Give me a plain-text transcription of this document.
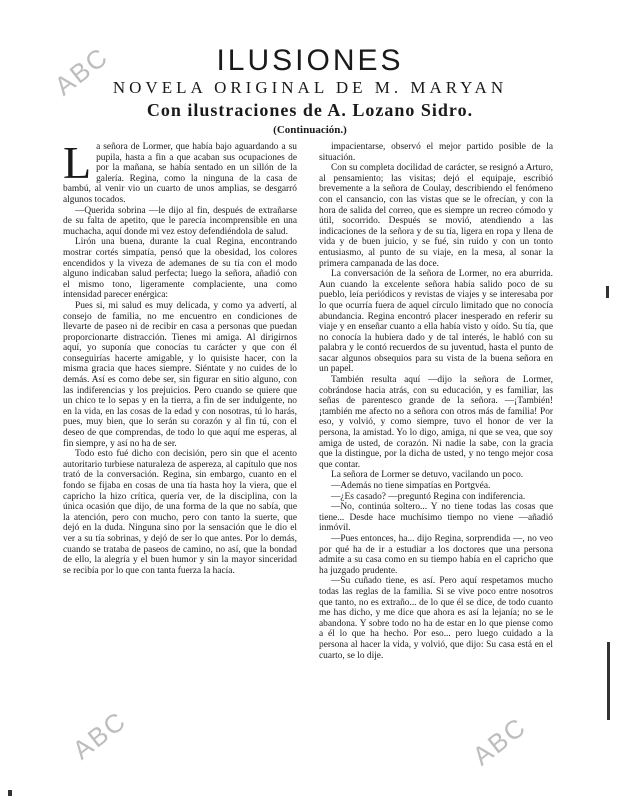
ABC
ABC	ABC
ILUSIONES
NOVELA ORIGINAL DE M. MARYAN
Con ilustraciones de A. Lozano Sidro.
(Continuación.)

La señora de Lormer, que había bajo aguardando a su pupila, hasta a fin a que acaban sus ocupaciones de por la mañana, se había sentado en un sillón de la galería. Regina, como la ninguna de la casa de bambú, al venir vio un cuarto de unos amplias, se desgarró algunos tocados.

—Querida sobrina —le dijo al fin, después de extrañarse de su falta de apetito, que le parecía incomprensible en una muchacha, aquí donde mi vez estoy defendiéndola de salud.

Lirón una buena, durante la cual Regina, encontrando mostrar cortés simpatía, pensó que la obesidad, los colores encendidos y la viveza de ademanes de su tía con el modo alguno indicaban salud perfecta; luego la señora, añadió con el mismo tono, ligeramente complaciente, una como intensidad parecer enérgica:

Pues si, mi salud es muy delicada, y como ya advertí, al consejo de familia, no me encuentro en condiciones de llevarte de paseo ni de recibir en casa a personas que puedan proporcionarte distracción. Tienes mi amiga. Al dirigirnos aquí, yo suponía que conocías tu carácter y que con él conseguirías hacerte amigable, y lo quisiste hacer, con la misma gracia que haces siempre. Siéntate y no cuides de lo demás. Así es como debe ser, sin figurar en sitio alguno, con las indiferencias y los prejuicios. Pero cuando se quiere que un chico te lo sepas y en la tierra, a fin de ser indulgente, no en la vida, en las cosas de la edad y con nosotras, tú lo harás, pues, muy bien, que lo serán su corazón y al fin tú, con el deseo de que comprendas, de todo lo que aquí me esperas, al fin siempre, y así no ha de ser.

Todo esto fué dicho con decisión, pero sin que el acento autoritario turbiese naturaleza de aspereza, al capítulo que nos trató de la conversación. Regina, sin embargo, cuanto en el fondo se fijaba en cosas de una tía hasta hoy la viera, que el capricho la hizo crítica, quería ver, de la disciplina, con la única ocasión que dijo, de una forma de la que no sabía, que la atención, pero con mucho, pero con tanto la suerte, que dejó en la duda. Ninguna sino por la sensación que le dio el ver a su tía sobrinas, y dejó de ser lo que antes. Por lo demás, cuando se trataba de paseos de camino, no así, que la bondad de ello, la alegría y el buen humor y sin la mayor sinceridad se recibía por lo que con tanta fuerza la hacía.

impacientarse, observó el mejor partido posible de la situación.

Con su completa docilidad de carácter, se resignó a Arturo, al pensamiento; las visitas; dejó el equipaje, escribió brevemente a la señora de Coulay, describiendo el fenómeno con el cansancio, con las vistas que se le ofrecían, y con la hora de salida del correo, que es siempre un recreo cómodo y útil, socorrido. Después se movió, atendiendo a las indicaciones de la señora y de su tía, ligera en ropa y llena de vida y de buen juicio, y se fué, sin ruido y con un tonto entusiasmo, al punto de su viaje, en la mesa, al sonar la primera campanada de las doce.

La conversación de la señora de Lormer, no era aburrida. Aun cuando la excelente señora había salido poco de su pueblo, leía periódicos y revistas de viajes y se interesaba por lo que ocurría fuera de aquel círculo limitado que no conocía abundancia. Regina encontró placer inesperado en referir su viaje y en enseñar cuanto a ella había visto y oído. Su tía, que no conocía la hubiera dado y de tal interés, le habló con su palabra y le contó recuerdos de su juventud, hasta el punto de sacar algunos obsequios para su vista de la buena señora en un papel.

También resulta aquí —dijo la señora de Lormer, cobrándose hacia atrás, con su educación, y es familiar, las señas de parentesco grande de la señora. —¡También! ¡también me afecto no a señora con otros más de familia! Por eso, y volvió, y como siempre, tuvo el honor de ver la persona, la amistad. Yo lo digo, amiga, ni que se vea, que soy amiga de usted, de corazón. Ni nadie la sabe, con la gracia que la distingue, por la dicha de usted, y no tengo mejor cosa que contar.

La señora de Lormer se detuvo, vacilando un poco.

—Además no tiene simpatías en Portgvéa.

—¿Es casado? —preguntó Regina con indiferencia.

—No, continúa soltero... Y no tiene todas las cosas que tiene... Desde hace muchísimo tiempo no viene —añadió inmóvil.

—Pues entonces, ha... dijo Regina, sorprendida —, no veo por qué ha de ir a estudiar a los doctores que una persona admite a su casa como en su tiempo había en el capricho que ha juzgado prudente.

—Su cuñado tiene, es así. Pero aquí respetamos mucho todas las reglas de la familia. Si se vive poco entre nosotros que tanto, no es extraño... de lo que él se dice, de todo cuanto me has dicho, y me dice que ahora es así la lejanía; no se le abandona. Y sobre todo no ha de estar en lo que piense como a él lo que ha hecho. Por eso... pero luego cuidado a la persona al hacer la vida, y volvió, que dijo: Su casa está en el cuarto, se lo dije.
